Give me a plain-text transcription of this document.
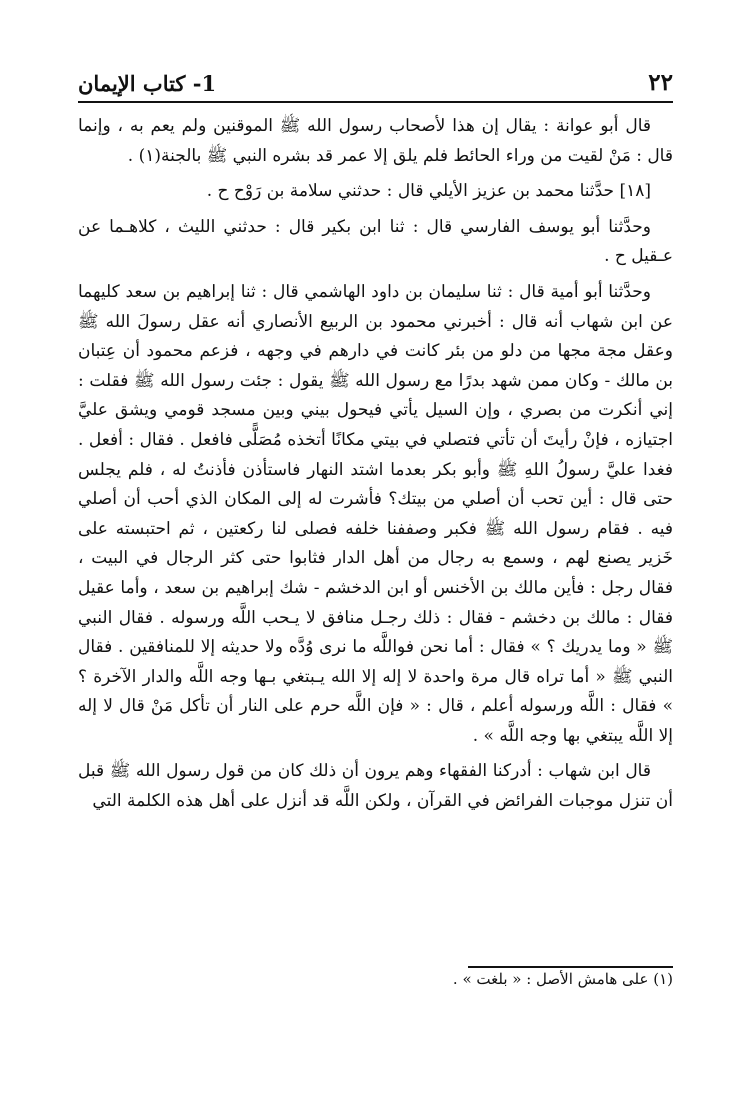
٢٢
1- كتاب الإيمان

قال أبو عوانة : يقال إن هذا لأصحاب رسول الله ﷺ الموقنين ولم يعم به ، وإنما قال : مَنْ لقيت من وراء الحائط فلم يلق إلا عمر قد بشره النبي ﷺ بالجنة(١) .

[١٨] حدَّثنا محمد بن عزيز الأيلي قال : حدثني سلامة بن رَوْح ح .

وحدَّثنا أبو يوسف الفارسي قال : ثنا ابن بكير قال : حدثني الليث ، كلاهـما عن عـقيل ح .

وحدَّثنا أبو أمية قال : ثنا سليمان بن داود الهاشمي قال : ثنا إبراهيم بن سعد كليهما عن ابن شهاب أنه قال : أخبرني محمود بن الربيع الأنصاري أنه عقل رسولَ الله ﷺ وعقل مجة مجها من دلو من بئر كانت في دارهم في وجهه ، فزعم محمود أن عِتبان بن مالك - وكان ممن شهد بدرًا مع رسول الله ﷺ يقول : جئت رسول الله ﷺ فقلت : إني أنكرت من بصري ، وإن السيل يأتي فيحول بيني وبين مسجد قومي ويشق عليَّ اجتيازه ، فإنْ رأيتَ أن تأتي فتصلي في بيتي مكانًا أتخذه مُصَلًّى فافعل . فقال : أفعل . فغدا عليَّ رسولُ اللهِ ﷺ وأبو بكر بعدما اشتد النهار فاستأذن فأذنتُ له ، فلم يجلس حتى قال : أين تحب أن أصلي من بيتك؟ فأشرت له إلى المكان الذي أحب أن أصلي فيه . فقام رسول الله ﷺ فكبر وصففنا خلفه فصلى لنا ركعتين ، ثم احتبسته على خَزير يصنع لهم ، وسمع به رجال من أهل الدار فثابوا حتى كثر الرجال في البيت ، فقال رجل : فأين مالك بن الأخنس أو ابن الدخشم - شك إبراهيم بن سعد ، وأما عقيل فقال : مالك بن دخشم - فقال : ذلك رجـل منافق لا يـحب اللَّه ورسوله . فقال النبي ﷺ « وما يدريك ؟ » فقال : أما نحن فواللَّه ما نرى وُدَّه ولا حديثه إلا للمنافقين . فقال النبي ﷺ « أما تراه قال مرة واحدة لا إله إلا الله يـبتغي بـها وجه اللَّه والدار الآخرة ؟ » فقال : اللَّه ورسوله أعلم ، قال : « فإن اللَّه حرم على النار أن تأكل مَنْ قال لا إله إلا اللَّه يبتغي بها وجه اللَّه » .

قال ابن شهاب : أدركنا الفقهاء وهم يرون أن ذلك كان من قول رسول الله ﷺ قبل أن تنزل موجبات الفرائض في القرآن ، ولكن اللَّه قد أنزل على أهل هذه الكلمة التي

(١) على هامش الأصل : « بلغت » .
